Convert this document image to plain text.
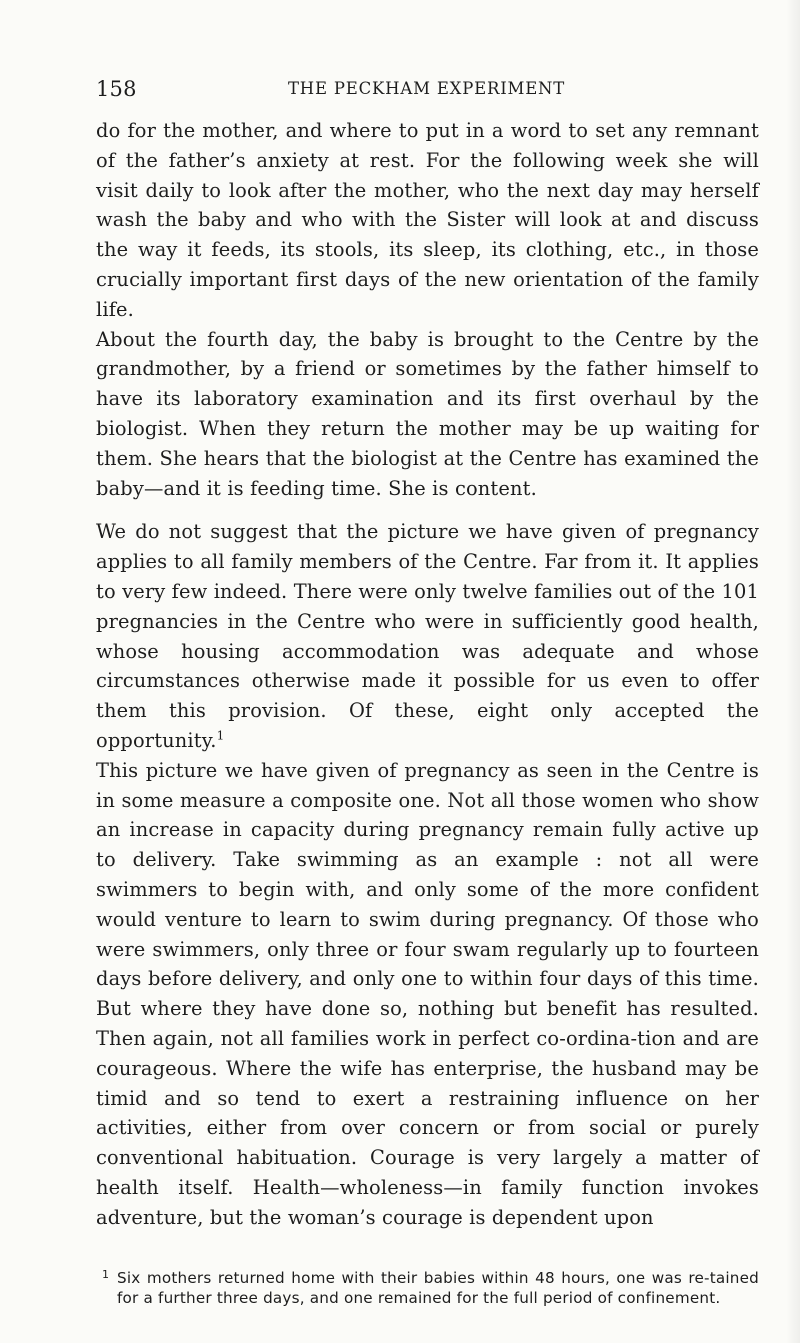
158	THE PECKHAM EXPERIMENT

do for the mother, and where to put in a word to set any remnant of the father’s anxiety at rest. For the following week she will visit daily to look after the mother, who the next day may herself wash the baby and who with the Sister will look at and discuss the way it feeds, its stools, its sleep, its clothing, etc., in those crucially important first days of the new orientation of the family life.

About the fourth day, the baby is brought to the Centre by the grandmother, by a friend or sometimes by the father himself to have its laboratory examination and its first overhaul by the biologist. When they return the mother may be up waiting for them. She hears that the biologist at the Centre has examined the baby—and it is feeding time. She is content.

We do not suggest that the picture we have given of pregnancy applies to all family members of the Centre. Far from it. It applies to very few indeed. There were only twelve families out of the 101 pregnancies in the Centre who were in sufficiently good health, whose housing accommodation was adequate and whose circumstances otherwise made it possible for us even to offer them this provision. Of these, eight only accepted the opportunity.$^1$

This picture we have given of pregnancy as seen in the Centre is in some measure a composite one. Not all those women who show an increase in capacity during pregnancy remain fully active up to delivery. Take swimming as an example : not all were swimmers to begin with, and only some of the more confident would venture to learn to swim during pregnancy. Of those who were swimmers, only three or four swam regularly up to fourteen days before delivery, and only one to within four days of this time. But where they have done so, nothing but benefit has resulted. Then again, not all families work in perfect co-ordina-tion and are courageous. Where the wife has enterprise, the husband may be timid and so tend to exert a restraining influence on her activities, either from over concern or from social or purely conventional habituation. Courage is very largely a matter of health itself. Health—wholeness—in family function invokes adventure, but the woman’s courage is dependent upon

1 Six mothers returned home with their babies within 48 hours, one was re-tained for a further three days, and one remained for the full period of confinement.
